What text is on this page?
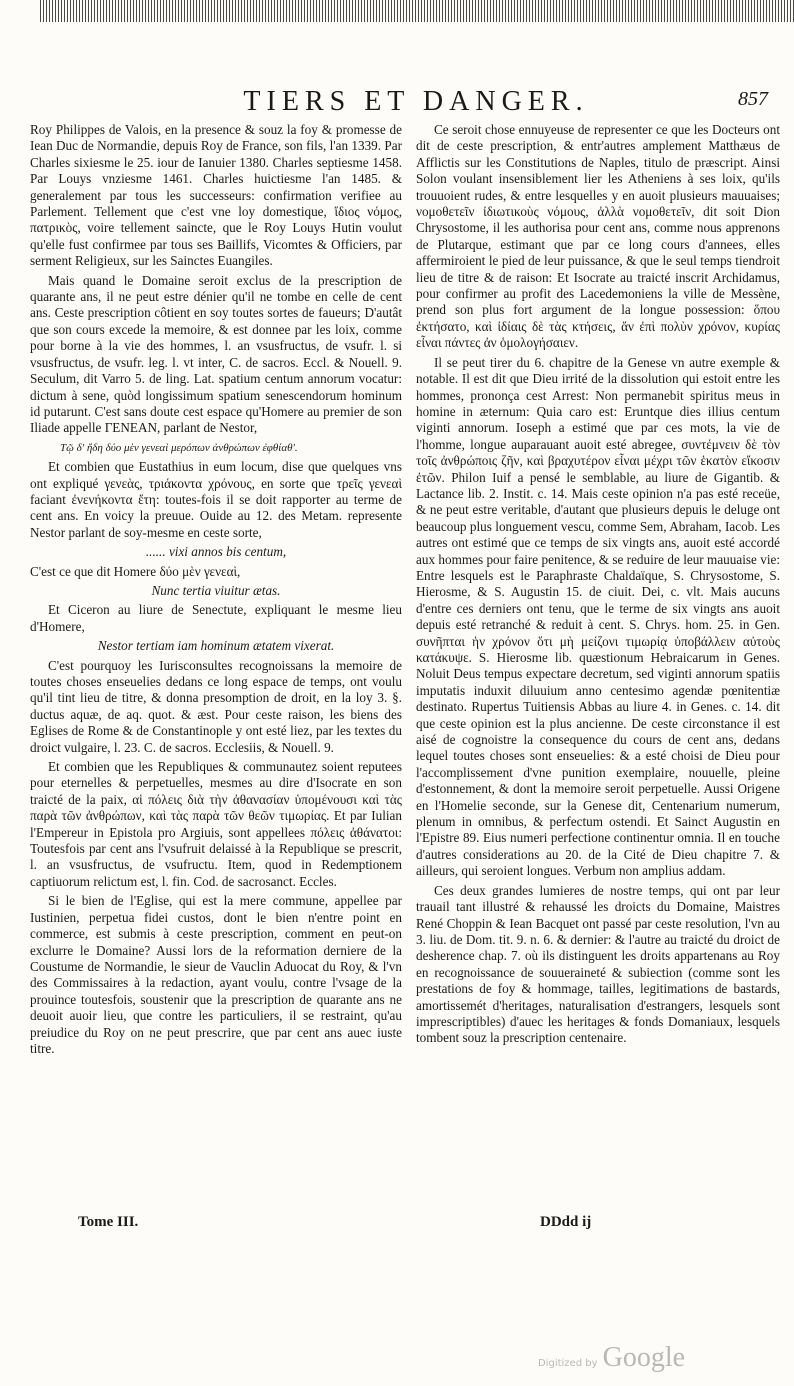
TIERS ET DANGER.	857

Roy Philippes de Valois, en la presence & souz la foy & promesse de Iean Duc de Normandie, depuis Roy de France, son fils, l'an 1339. Par Charles sixiesme le 25. iour de Ianuier 1380. Charles septiesme 1458. Par Louys vnziesme 1461. Charles huictiesme l'an 1485. & generalement par tous les successeurs: confirmation verifiee au Parlement. Tellement que c'est vne loy domestique, ἴδιος νόμος, πατρικὸς, voire tellement saincte, que le Roy Louys Hutin voulut qu'elle fust confirmee par tous ses Baillifs, Vicomtes & Officiers, par serment Religieux, sur les Sainctes Euangiles.

Mais quand le Domaine seroit exclus de la prescription de quarante ans, il ne peut estre dénier qu'il ne tombe en celle de cent ans. Ceste prescription côtient en soy toutes sortes de faueurs; D'autât que son cours excede la memoire, & est donnee par les loix, comme pour borne à la vie des hommes, l. an vsusfructus, de vsufr. l. si vsusfructus, de vsufr. leg. l. vt inter, C. de sacros. Eccl. & Nouell. 9. Seculum, dit Varro 5. de ling. Lat. spatium centum annorum vocatur: dictum à sene, quòd longissimum spatium senescendorum hominum id putarunt. C'est sans doute cest espace qu'Homere au premier de son Iliade appelle ΓΕΝΕΑΝ, parlant de Nestor,

Τῷ δ' ἤδη δύο μὲν γενεαὶ μερόπων ἀνθρώπων ἐφθίαθ'.

Et combien que Eustathius in eum locum, dise que quelques vns ont expliqué γενεὰς, τριάκοντα χρόνους, en sorte que τρεῖς γενεαὶ faciant ἐνενήκοντα ἔτη: toutes-fois il se doit rapporter au terme de cent ans. En voicy la preuue. Ouide au 12. des Metam. represente Nestor parlant de soy-mesme en ceste sorte,

...... vixi annos bis centum,

C'est ce que dit Homere δύο μὲν γενεαὶ,

Nunc tertia viuitur ætas.

Et Ciceron au liure de Senectute, expliquant le mesme lieu d'Homere,

Nestor tertiam iam hominum ætatem vixerat.

C'est pourquoy les Iurisconsultes recognoissans la memoire de toutes choses enseuelies dedans ce long espace de temps, ont voulu qu'il tint lieu de titre, & donna presomption de droit, en la loy 3. §. ductus aquæ, de aq. quot. & æst. Pour ceste raison, les biens des Eglises de Rome & de Constantinople y ont esté liez, par les textes du droict vulgaire, l. 23. C. de sacros. Ecclesiis, & Nouell. 9.

Et combien que les Republiques & communautez soient reputees pour eternelles & perpetuelles, mesmes au dire d'Isocrate en son traicté de la paix, αἱ πόλεις διὰ τὴν ἀθανασίαν ὑπομένουσι καὶ τὰς παρὰ τῶν ἀνθρώπων, καὶ τὰς παρὰ τῶν θεῶν τιμωρίας. Et par Iulian l'Empereur in Epistola pro Argiuis, sont appellees πόλεις ἀθάνατοι: Toutesfois par cent ans l'vsufruit delaissé à la Republique se prescrit, l. an vsusfructus, de vsufructu. Item, quod in Redemptionem captiuorum relictum est, l. fin. Cod. de sacrosanct. Eccles.

Si le bien de l'Eglise, qui est la mere commune, appellee par Iustinien, perpetua fidei custos, dont le bien n'entre point en commerce, est submis à ceste prescription, comment en peut-on exclurre le Domaine? Aussi lors de la reformation derniere de la Coustume de Normandie, le sieur de Vauclin Aduocat du Roy, & l'vn des Commissaires à la redaction, ayant voulu, contre l'vsage de la prouince toutesfois, soustenir que la prescription de quarante ans ne deuoit auoir lieu, que contre les particuliers, il se restraint, qu'au preiudice du Roy on ne peut prescrire, que par cent ans auec iuste titre.

Ce seroit chose ennuyeuse de representer ce que les Docteurs ont dit de ceste prescription, & entr'autres amplement Matthæus de Afflictis sur les Constitutions de Naples, titulo de præscript. Ainsi Solon voulant insensiblement lier les Atheniens à ses loix, qu'ils trouuoient rudes, & entre lesquelles y en auoit plusieurs mauuaises; νομοθετεῖν ἰδιωτικοὺς νόμους, ἀλλὰ νομοθετεῖν, dit soit Dion Chrysostome, il les authorisa pour cent ans, comme nous apprenons de Plutarque, estimant que par ce long cours d'annees, elles affermiroient le pied de leur puissance, & que le seul temps tiendroit lieu de titre & de raison: Et Isocrate au traicté inscrit Archidamus, pour confirmer au profit des Lacedemoniens la ville de Messène, prend son plus fort argument de la longue possession: ὅπου ἐκτήσατο, καὶ ἰδίαις δὲ τὰς κτήσεις, ἄν ἐπὶ πολὺν χρόνον, κυρίας εἶναι πάντες ἀν ὁμολογήσαιεν.

Il se peut tirer du 6. chapitre de la Genese vn autre exemple & notable. Il est dit que Dieu irrité de la dissolution qui estoit entre les hommes, prononça cest Arrest: Non permanebit spiritus meus in homine in æternum: Quia caro est: Eruntque dies illius centum viginti annorum. Ioseph a estimé que par ces mots, la vie de l'homme, longue auparauant auoit esté abregee, συντέμνειν δὲ τὸν τοῖς ἀνθρώποις ζῆν, καὶ βραχυτέρον εἶναι μέχρι τῶν ἑκατὸν εἴκοσιν ἐτῶν. Philon Iuif a pensé le semblable, au liure de Gigantib. & Lactance lib. 2. Instit. c. 14. Mais ceste opinion n'a pas esté receüe, & ne peut estre veritable, d'autant que plusieurs depuis le deluge ont beaucoup plus longuement vescu, comme Sem, Abraham, Iacob. Les autres ont estimé que ce temps de six vingts ans, auoit esté accordé aux hommes pour faire penitence, & se reduire de leur mauuaise vie: Entre lesquels est le Paraphraste Chaldaïque, S. Chrysostome, S. Hierosme, & S. Augustin 15. de ciuit. Dei, c. vlt. Mais aucuns d'entre ces derniers ont tenu, que le terme de six vingts ans auoit depuis esté retranché & reduit à cent. S. Chrys. hom. 25. in Gen. συνῆπται ἡν χρόνον ὅτι μὴ μείζονι τιμωρίᾳ ὑποβάλλειν αὐτοὺς κατάκυψε. S. Hierosme lib. quæstionum Hebraicarum in Genes. Noluit Deus tempus expectare decretum, sed viginti annorum spatiis imputatis induxit diluuium anno centesimo agendæ pœnitentiæ destinato. Rupertus Tuitiensis Abbas au liure 4. in Genes. c. 14. dit que ceste opinion est la plus ancienne. De ceste circonstance il est aisé de cognoistre la consequence du cours de cent ans, dedans lequel toutes choses sont enseuelies: & a esté choisi de Dieu pour l'accomplissement d'vne punition exemplaire, nouuelle, pleine d'estonnement, & dont la memoire seroit perpetuelle. Aussi Origene en l'Homelie seconde, sur la Genese dit, Centenarium numerum, plenum in omnibus, & perfectum ostendi. Et Sainct Augustin en l'Epistre 89. Eius numeri perfectione continentur omnia. Il en touche d'autres considerations au 20. de la Cité de Dieu chapitre 7. & ailleurs, qui seroient longues. Verbum non amplius addam.

Ces deux grandes lumieres de nostre temps, qui ont par leur trauail tant illustré & rehaussé les droicts du Domaine, Maistres René Choppin & Iean Bacquet ont passé par ceste resolution, l'vn au 3. liu. de Dom. tit. 9. n. 6. & dernier: & l'autre au traicté du droict de desherence chap. 7. où ils distinguent les droits appartenans au Roy en recognoissance de souueraineté & subiection (comme sont les prestations de foy & hommage, tailles, legitimations de bastards, amortissemét d'heritages, naturalisation d'estrangers, lesquels sont imprescriptibles) d'auec les heritages & fonds Domaniaux, lesquels tombent souz la prescription centenaire.

Tome III.	DDdd ij
Digitized by Google
